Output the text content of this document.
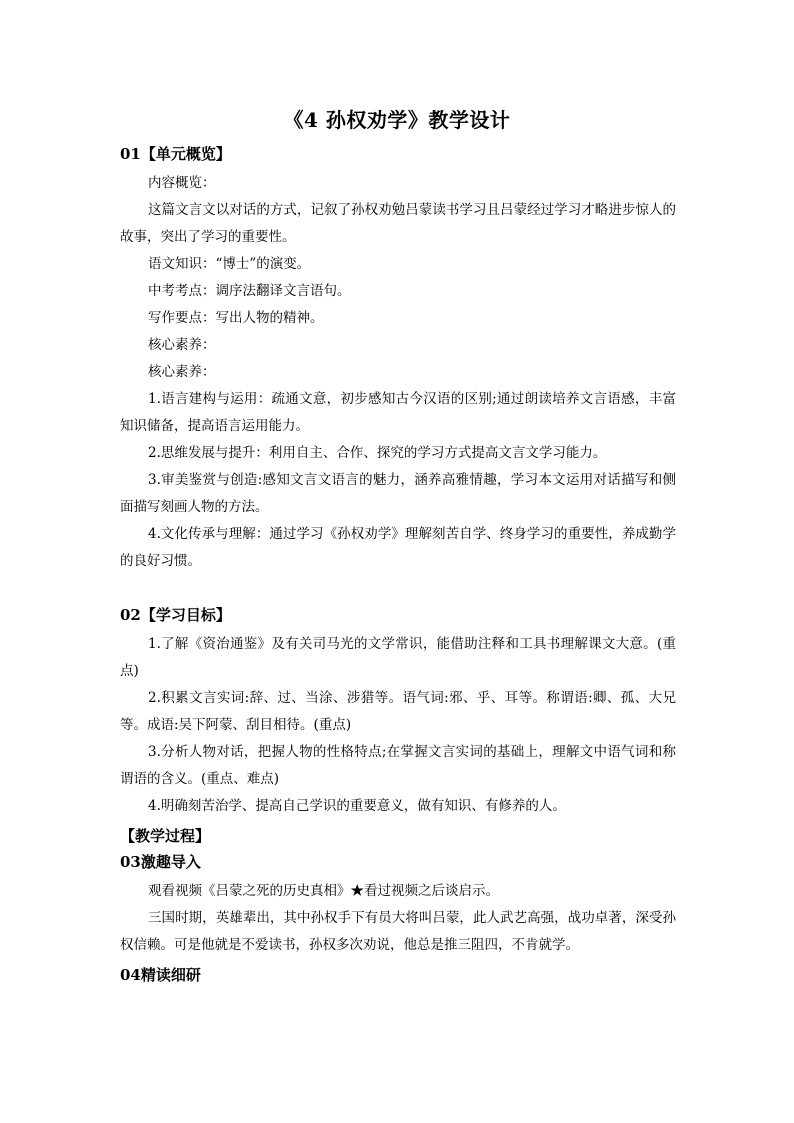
《4 孙权劝学》教学设计
01【单元概览】

内容概览：

这篇文言文以对话的方式，记叙了孙权劝勉吕蒙读书学习且吕蒙经过学习才略进步惊人的故事，突出了学习的重要性。

语文知识：“博士”的演变。

中考考点：调序法翻译文言语句。

写作要点：写出人物的精神。

核心素养：

核心素养：

1.语言建构与运用：疏通文意，初步感知古今汉语的区别;通过朗读培养文言语感，丰富知识储备，提高语言运用能力。

2.思维发展与提升：利用自主、合作、探究的学习方式提高文言文学习能力。

3.审美鉴赏与创造:感知文言文语言的魅力，涵养高雅情趣，学习本文运用对话描写和侧面描写刻画人物的方法。

4.文化传承与理解：通过学习《孙权劝学》理解刻苦自学、终身学习的重要性，养成勤学的良好习惯。

02【学习目标】

1.了解《资治通鉴》及有关司马光的文学常识，能借助注释和工具书理解课文大意。(重点)

2.积累文言实词:辞、过、当涂、涉猎等。语气词:邪、乎、耳等。称谓语:卿、孤、大兄等。成语:吴下阿蒙、刮目相待。(重点)

3.分析人物对话，把握人物的性格特点;在掌握文言实词的基础上，理解文中语气词和称谓语的含义。(重点、难点)

4.明确刻苦治学、提高自己学识的重要意义，做有知识、有修养的人。

【教学过程】
03激趣导入

观看视频《吕蒙之死的历史真相》★看过视频之后谈启示。

三国时期，英雄辈出，其中孙权手下有员大将叫吕蒙，此人武艺高强，战功卓著，深受孙权信赖。可是他就是不爱读书，孙权多次劝说，他总是推三阻四，不肯就学。

04精读细研
